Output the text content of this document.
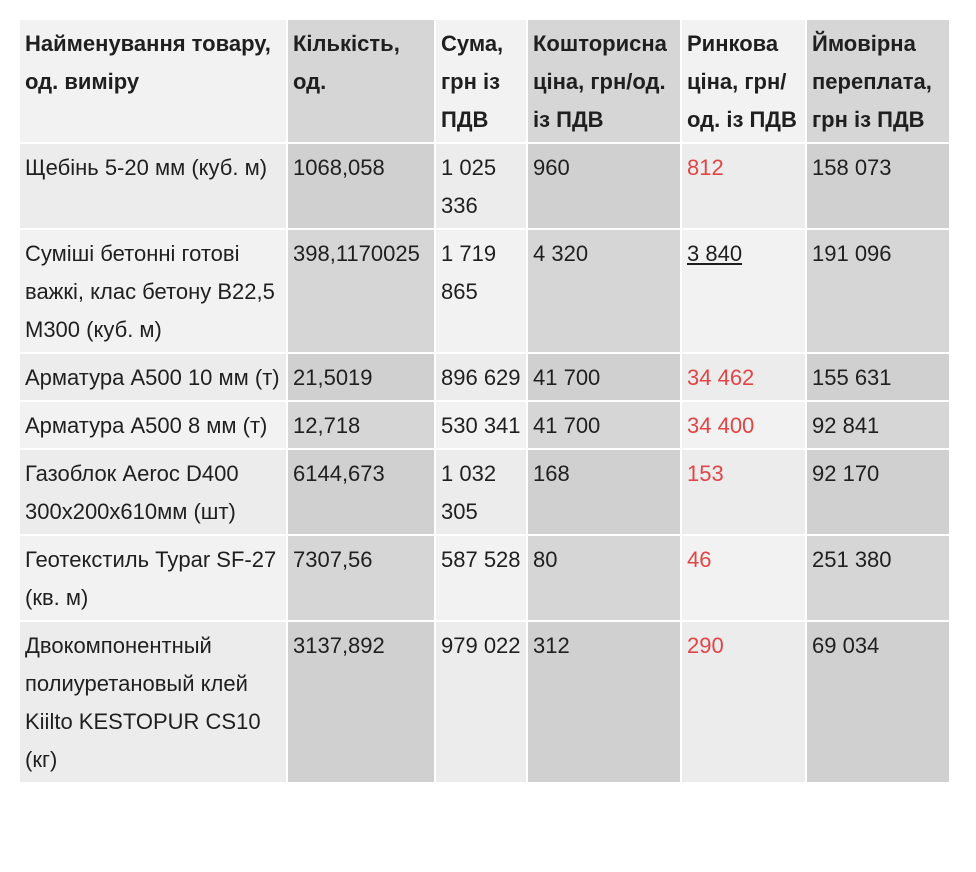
Найменування товару, од. виміру	Кількість, од.	Сума, грн із ПДВ	Кошторисна ціна, грн/од. із ПДВ	Ринкова ціна, грн/ од. із ПДВ	Ймовірна переплата, грн із ПДВ
Щебінь 5-20 мм (куб. м)	1068,058	1 025 336	960	812	158 073
Суміші бетонні готові важкі, клас бетону В22,5 М300 (куб. м)	398,1170025	1 719 865	4 320	3 840	191 096
Арматура А500 10 мм (т)	21,5019	896 629	41 700	34 462	155 631
Арматура А500 8 мм (т)	12,718	530 341	41 700	34 400	92 841
Газоблок Aeroc D400 300х200х610мм (шт)	6144,673	1 032 305	168	153	92 170
Геотекстиль Typar SF-27 (кв. м)	7307,56	587 528	80	46	251 380
Двокомпонентный полиуретановый клей Kiilto KESTOPUR CS10 (кг)	3137,892	979 022	312	290	69 034
